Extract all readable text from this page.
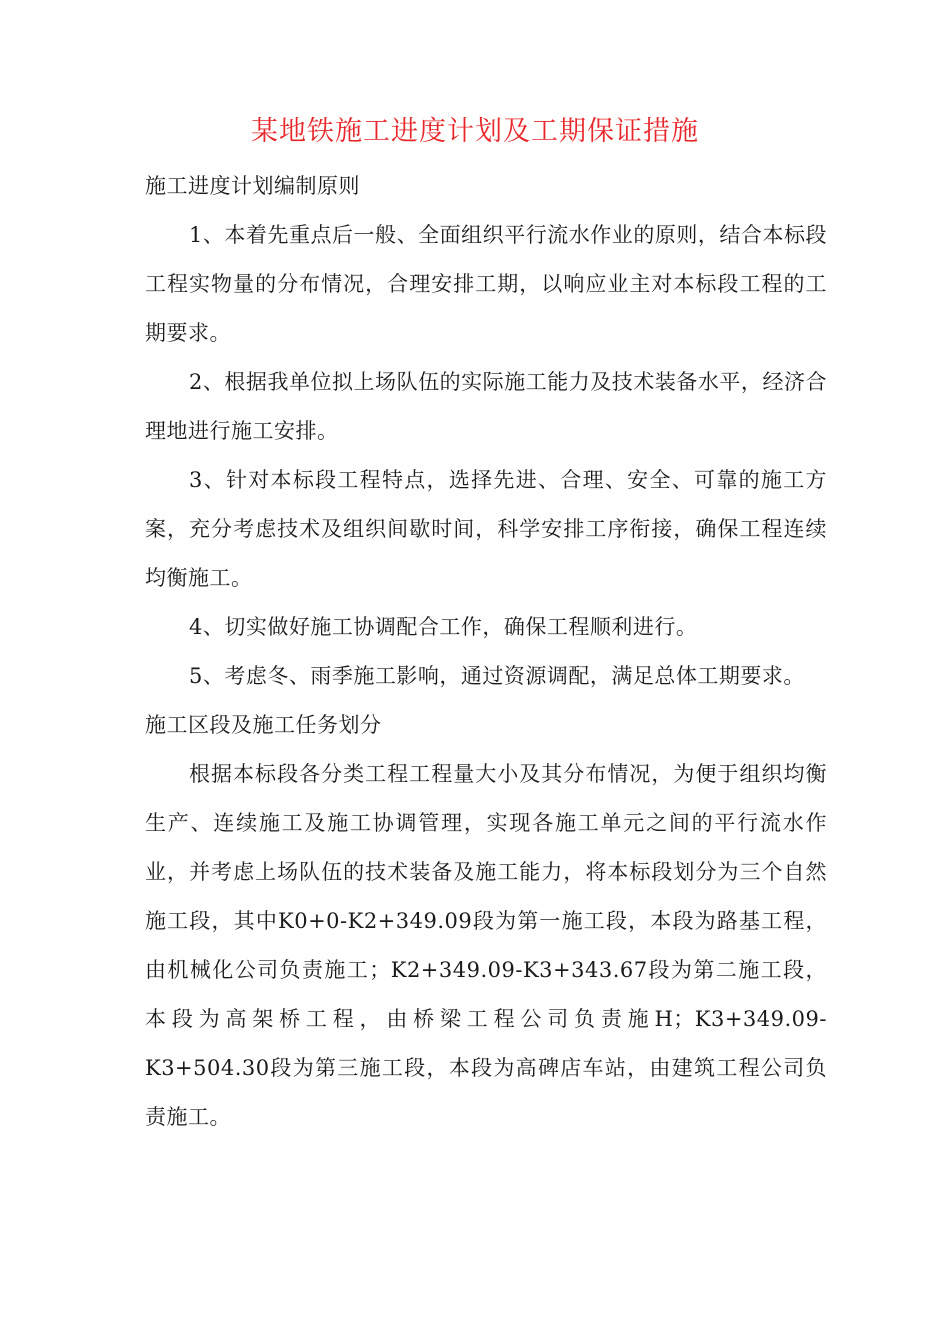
某地铁施工进度计划及工期保证措施

施工进度计划编制原则

1、本着先重点后一般、全面组织平行流水作业的原则，结合本标段工程实物量的分布情况，合理安排工期，以响应业主对本标段工程的工期要求。

2、根据我单位拟上场队伍的实际施工能力及技术装备水平，经济合理地进行施工安排。

3、针对本标段工程特点，选择先进、合理、安全、可靠的施工方案，充分考虑技术及组织间歇时间，科学安排工序衔接，确保工程连续均衡施工。

4、切实做好施工协调配合工作，确保工程顺利进行。

5、考虑冬、雨季施工影响，通过资源调配，满足总体工期要求。

施工区段及施工任务划分

根据本标段各分类工程工程量大小及其分布情况，为便于组织均衡生产、连续施工及施工协调管理，实现各施工单元之间的平行流水作业，并考虑上场队伍的技术装备及施工能力，将本标段划分为三个自然施工段，其中K0+0-K2+349.09段为第一施工段，本段为路基工程，由机械化公司负责施工；K2+349.09-K3+343.67段为第二施工段，本段为高架桥工程，由桥梁工程公司负责施H；K3+349.09-K3+504.30段为第三施工段，本段为高碑店车站，由建筑工程公司负责施工。
